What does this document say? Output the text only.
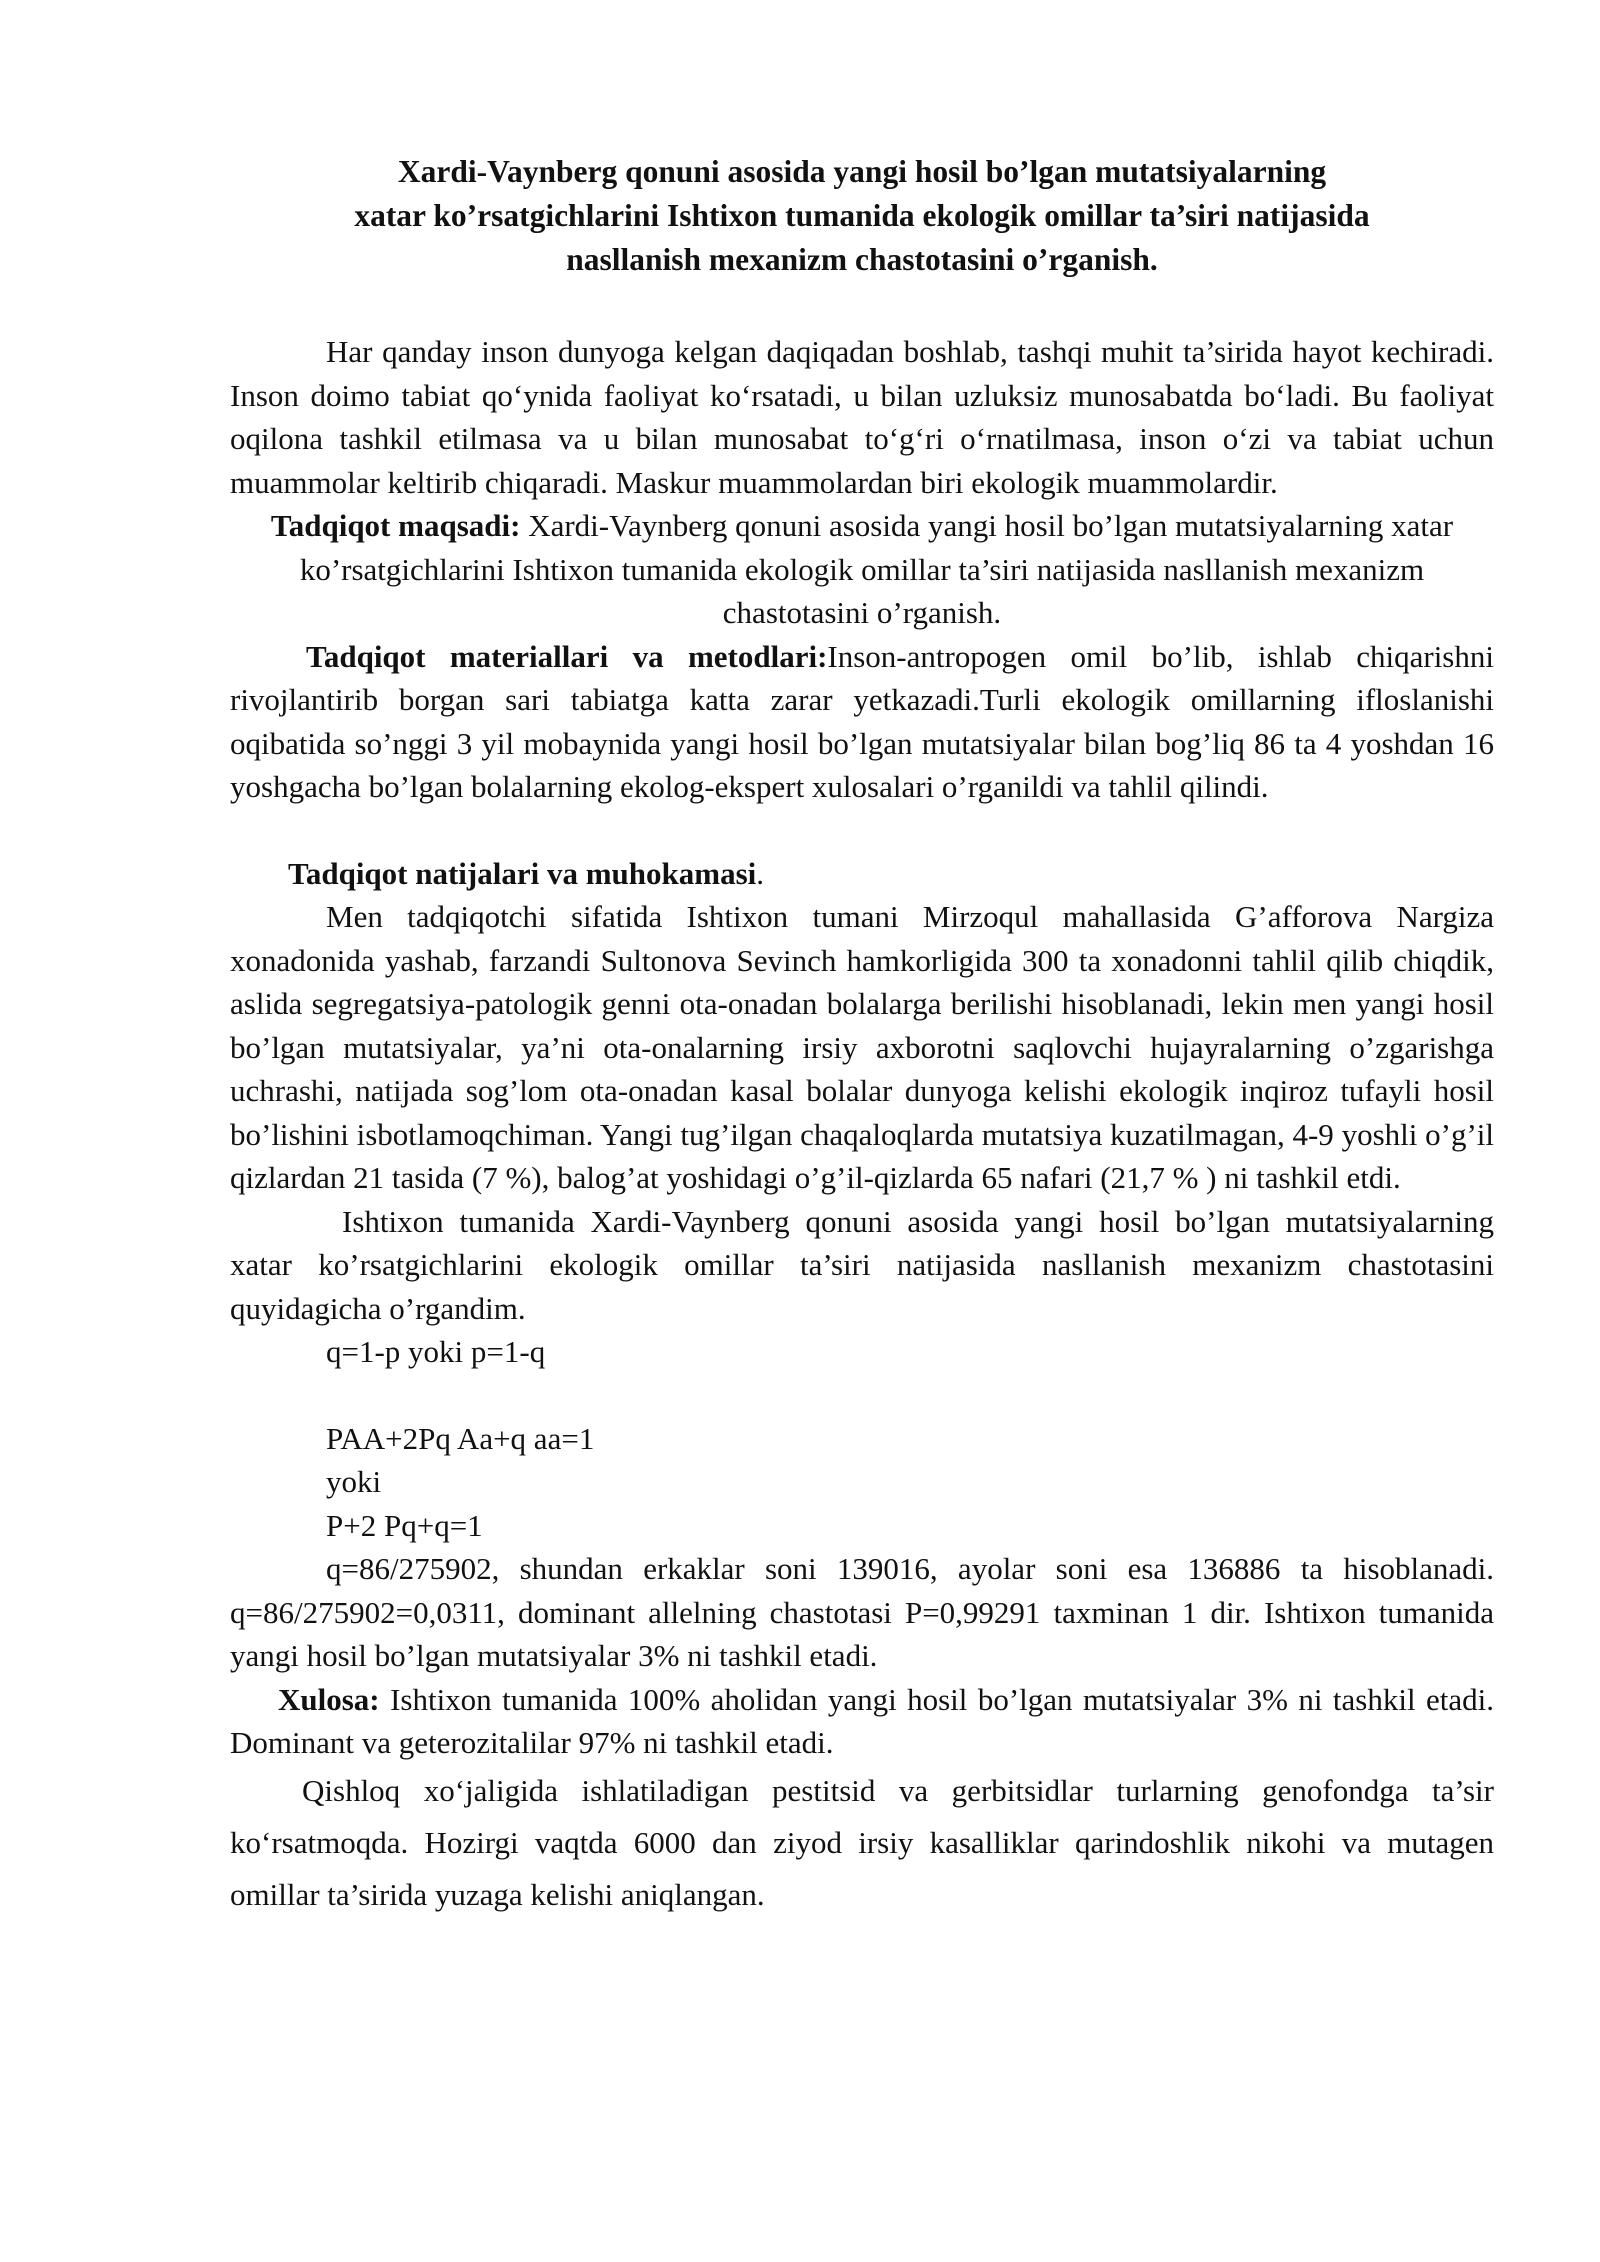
Xardi-Vaynberg qonuni asosida yangi hosil bo’lgan mutatsiyalarning
xatar ko’rsatgichlarini Ishtixon tumanida ekologik omillar ta’siri natijasida
nasllanish mexanizm chastotasini o’rganish.

Har qanday inson dunyoga kelgan daqiqadan boshlab, tashqi muhit ta’sirida hayot kechiradi. Inson doimo tabiat qo‘ynida faoliyat ko‘rsatadi, u bilan uzluksiz munosabatda bo‘ladi. Bu faoliyat oqilona tashkil etilmasa va u bilan munosabat to‘g‘ri o‘rnatilmasa, inson o‘zi va tabiat uchun muammolar keltirib chiqaradi. Maskur muammolardan biri ekologik muammolardir.

Tadqiqot maqsadi: Xardi-Vaynberg qonuni asosida yangi hosil bo’lgan mutatsiyalarning xatar ko’rsatgichlarini Ishtixon tumanida ekologik omillar ta’siri natijasida nasllanish mexanizm chastotasini o’rganish.

Tadqiqot materiallari va metodlari:Inson-antropogen omil bo’lib, ishlab chiqarishni rivojlantirib borgan sari tabiatga katta zarar yetkazadi.Turli ekologik omillarning ifloslanishi oqibatida so’nggi 3 yil mobaynida yangi hosil bo’lgan mutatsiyalar bilan bog’liq 86 ta 4 yoshdan 16 yoshgacha bo’lgan bolalarning ekolog-ekspert xulosalari o’rganildi va tahlil qilindi.

Tadqiqot natijalari va muhokamasi.

Men tadqiqotchi sifatida Ishtixon tumani Mirzoqul mahallasida G’afforova Nargiza xonadonida yashab, farzandi Sultonova Sevinch hamkorligida 300 ta xonadonni tahlil qilib chiqdik, aslida segregatsiya-patologik genni ota-onadan bolalarga berilishi hisoblanadi, lekin men yangi hosil bo’lgan mutatsiyalar, ya’ni ota-onalarning irsiy axborotni saqlovchi hujayralarning o’zgarishga uchrashi, natijada sog’lom ota-onadan kasal bolalar dunyoga kelishi ekologik inqiroz tufayli hosil bo’lishini isbotlamoqchiman. Yangi tug’ilgan chaqaloqlarda mutatsiya kuzatilmagan, 4-9 yoshli o’g’il qizlardan 21 tasida (7 %), balog’at yoshidagi o’g’il-qizlarda 65 nafari (21,7 % ) ni tashkil etdi.

Ishtixon tumanida Xardi-Vaynberg qonuni asosida yangi hosil bo’lgan mutatsiyalarning xatar ko’rsatgichlarini ekologik omillar ta’siri natijasida nasllanish mexanizm chastotasini quyidagicha o’rgandim.

q=1-p yoki p=1-q

PAA+2Pq Aa+q aa=1

yoki

P+2 Pq+q=1

q=86/275902, shundan erkaklar soni 139016, ayolar soni esa 136886 ta hisoblanadi. q=86/275902=0,0311, dominant allelning chastotasi P=0,99291 taxminan 1 dir. Ishtixon tumanida yangi hosil bo’lgan mutatsiyalar 3% ni tashkil etadi.

Xulosa: Ishtixon tumanida 100% aholidan yangi hosil bo’lgan mutatsiyalar 3% ni tashkil etadi. Dominant va geterozitalilar 97% ni tashkil etadi.

Qishloq xo‘jaligida ishlatiladigan pestitsid va gerbitsidlar turlarning genofondga ta’sir ko‘rsatmoqda. Hozirgi vaqtda 6000 dan ziyod irsiy kasalliklar qarindoshlik nikohi va mutagen omillar ta’sirida yuzaga kelishi aniqlangan.
